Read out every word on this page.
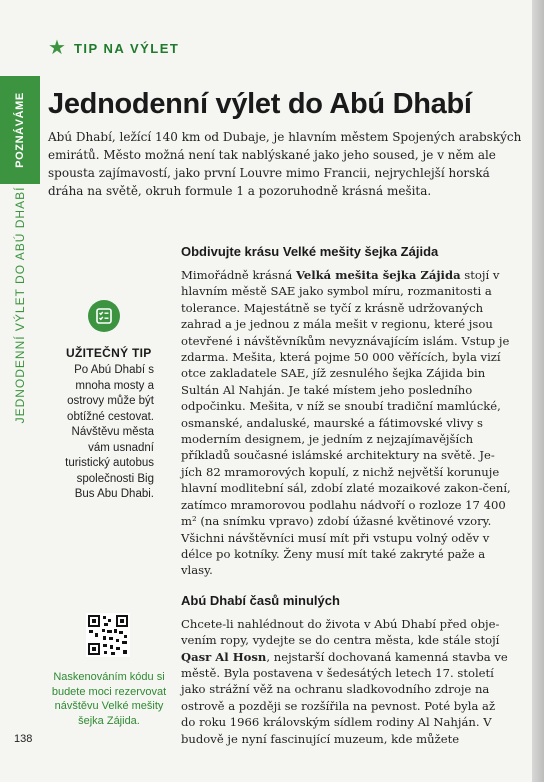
POZNÁVÁME
JEDNODENNÍ VÝLET DO ABÚ DHABÍ
★ TIP NA VÝLET
Jednodenní výlet do Abú Dhabí

Abú Dhabí, ležící 140 km od Dubaje, je hlavním městem Spojených arabských emirátů. Město možná není tak nablýskané jako jeho soused, je v něm ale spousta zajímavostí, jako první Louvre mimo Francii, nejrychlejší horská dráha na světě, okruh formule 1 a pozoruhodně krásná mešita.

UŽITEČNÝ TIP
Po Abú Dhabí s mnoha mosty a ostrovy může být obtížné cestovat. Návštěvu města vám usnadní turistický autobus společnosti Big Bus Abu Dhabi.
Naskenováním kódu si budete moci rezervovat návštěvu Velké mešity šejka Zájida.
Obdivujte krásu Velké mešity šejka Zájida

Mimořádně krásná Velká mešita šejka Zájida stojí v hlavním městě SAE jako symbol míru, rozmanitosti a tolerance. Majestátně se tyčí z krásně udržovaných zahrad a je jednou z mála mešit v regionu, které jsou otevřené i návštěvníkům nevyznávajícím islám. Vstup je zdarma. Mešita, která pojme 50 000 věřících, byla vizí otce zakladatele SAE, jíž zesnulého šejka Zájida bin Sultán Al Nahján. Je také místem jeho posledního odpočinku. Mešita, v níž se snoubí tradiční mamlúcké, osmanské, andaluské, maurské a fátimovské vlivy s moderním designem, je jedním z nejzajímavějších příkladů současné islámské architektury na světě. Je-jích 82 mramorových kopulí, z nichž největší korunuje hlavní modlitební sál, zdobí zlaté mozaikové zakon-čení, zatímco mramorovou podlahu nádvoří o rozloze 17 400 m² (na snímku vpravo) zdobí úžasné květinové vzory. Všichni návštěvníci musí mít při vstupu volný oděv v délce po kotníky. Ženy musí mít také zakryté paže a vlasy.

Abú Dhabí časů minulých

Chcete-li nahlédnout do života v Abú Dhabí před obje-vením ropy, vydejte se do centra města, kde stále stojí Qasr Al Hosn, nejstarší dochovaná kamenná stavba ve městě. Byla postavena v šedesátých letech 17. století jako strážní věž na ochranu sladkovodního zdroje na ostrově a později se rozšířila na pevnost. Poté byla až do roku 1966 královským sídlem rodiny Al Nahján. V budově je nyní fascinující muzeum, kde můžete

138
